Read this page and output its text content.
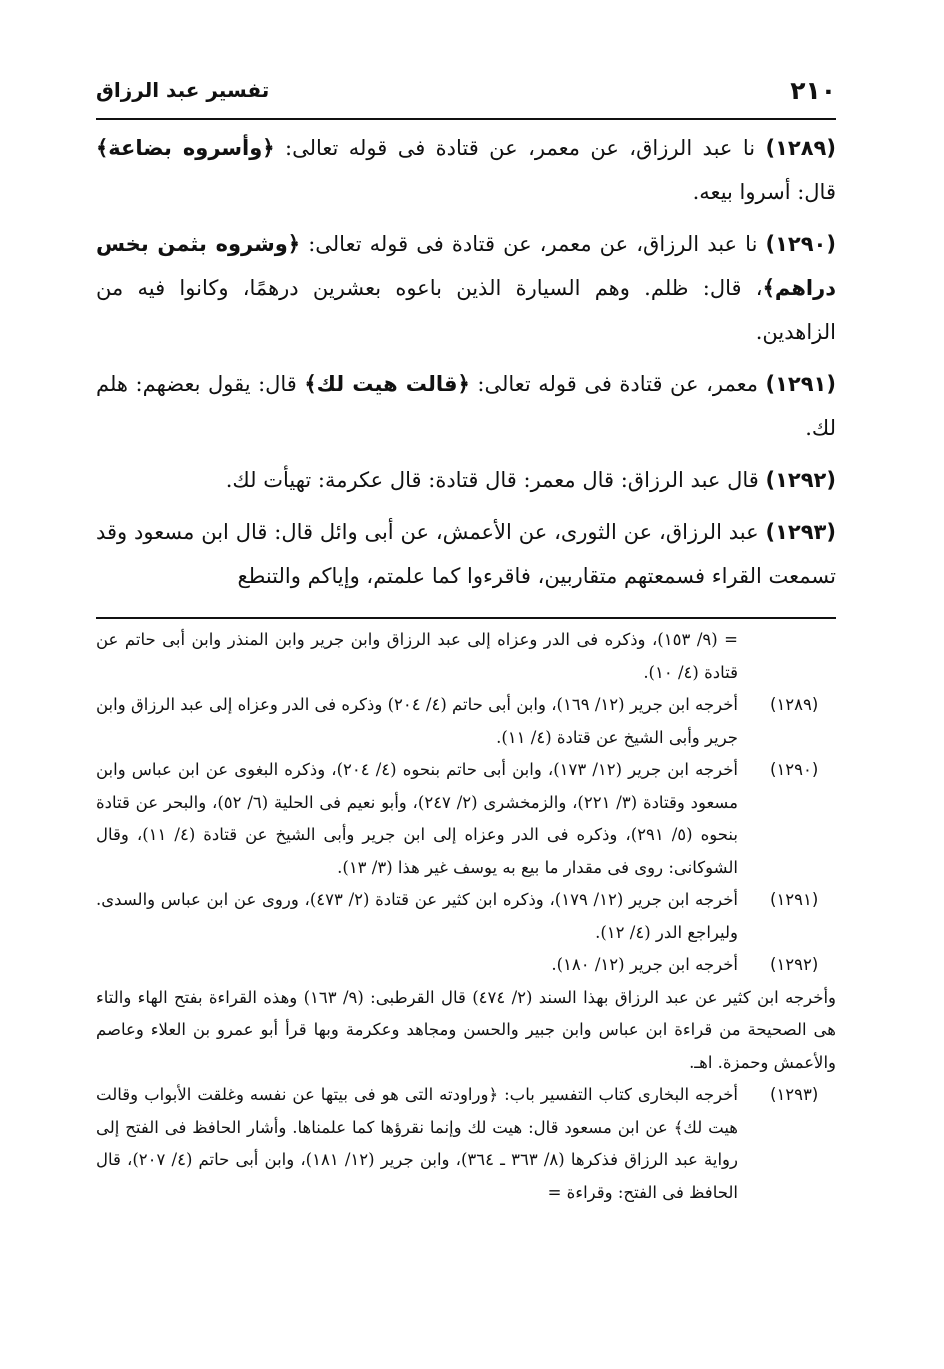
٢١٠
تفسير عبد الرزاق

(١٢٨٩) نا عبد الرزاق، عن معمر، عن قتادة فى قوله تعالى: ﴿وأسروه بضاعة﴾ قال: أسروا بيعه.

(١٢٩٠) نا عبد الرزاق، عن معمر، عن قتادة فى قوله تعالى: ﴿وشروه بثمن بخس دراهم﴾، قال: ظلم. وهم السيارة الذين باعوه بعشرين درهمًا، وكانوا فيه من الزاهدين.

(١٢٩١) معمر، عن قتادة فى قوله تعالى: ﴿قالت هيت لك﴾ قال: يقول بعضهم: هلم لك.

(١٢٩٢) قال عبد الرزاق: قال معمر: قال قتادة: قال عكرمة: تهيأت لك.

(١٢٩٣) عبد الرزاق، عن الثورى، عن الأعمش، عن أبى وائل قال: قال ابن مسعود وقد تسمعت القراء فسمعتهم متقاربين، فاقرءوا كما علمتم، وإياكم والتنطع

= (٩/ ١٥٣)، وذكره فى الدر وعزاه إلى عبد الرزاق وابن جرير وابن المنذر وابن أبى حاتم عن قتادة (٤/ ١٠).

(١٢٨٩)
أخرجه ابن جرير (١٢/ ١٦٩)، وابن أبى حاتم (٤/ ٢٠٤) وذكره فى الدر وعزاه إلى عبد الرزاق وابن جرير وأبى الشيخ عن قتادة (٤/ ١١).

(١٢٩٠)
أخرجه ابن جرير (١٢/ ١٧٣)، وابن أبى حاتم بنحوه (٤/ ٢٠٤)، وذكره البغوى عن ابن عباس وابن مسعود وقتادة (٣/ ٢٢١)، والزمخشرى (٢/ ٢٤٧)، وأبو نعيم فى الحلية (٦/ ٥٢)، والبحر عن قتادة بنحوه (٥/ ٢٩١)، وذكره فى الدر وعزاه إلى ابن جرير وأبى الشيخ عن قتادة (٤/ ١١)، وقال الشوكانى: روى فى مقدار ما بيع به يوسف غير هذا (٣/ ١٣).

(١٢٩١)
أخرجه ابن جرير (١٢/ ١٧٩)، وذكره ابن كثير عن قتادة (٢/ ٤٧٣)، وروى عن ابن عباس والسدى. وليراجع الدر (٤/ ١٢).

(١٢٩٢)
أخرجه ابن جرير (١٢/ ١٨٠).

وأخرجه ابن كثير عن عبد الرزاق بهذا السند (٢/ ٤٧٤) قال القرطبى: (٩/ ١٦٣) وهذه القراءة بفتح الهاء والتاء هى الصحيحة من قراءة ابن عباس وابن جبير والحسن ومجاهد وعكرمة وبها قرأ أبو عمرو بن العلاء وعاصم والأعمش وحمزة. اهـ.

(١٢٩٣)
أخرجه البخارى كتاب التفسير باب: ﴿وراودته التى هو فى بيتها عن نفسه وغلقت الأبواب وقالت هيت لك﴾ عن ابن مسعود قال: هيت لك وإنما نقرؤها كما علمناها. وأشار الحافظ فى الفتح إلى رواية عبد الرزاق فذكرها (٨/ ٣٦٣ ـ ٣٦٤)، وابن جرير (١٢/ ١٨١)، وابن أبى حاتم (٤/ ٢٠٧)، قال الحافظ فى الفتح: وقراءة =
